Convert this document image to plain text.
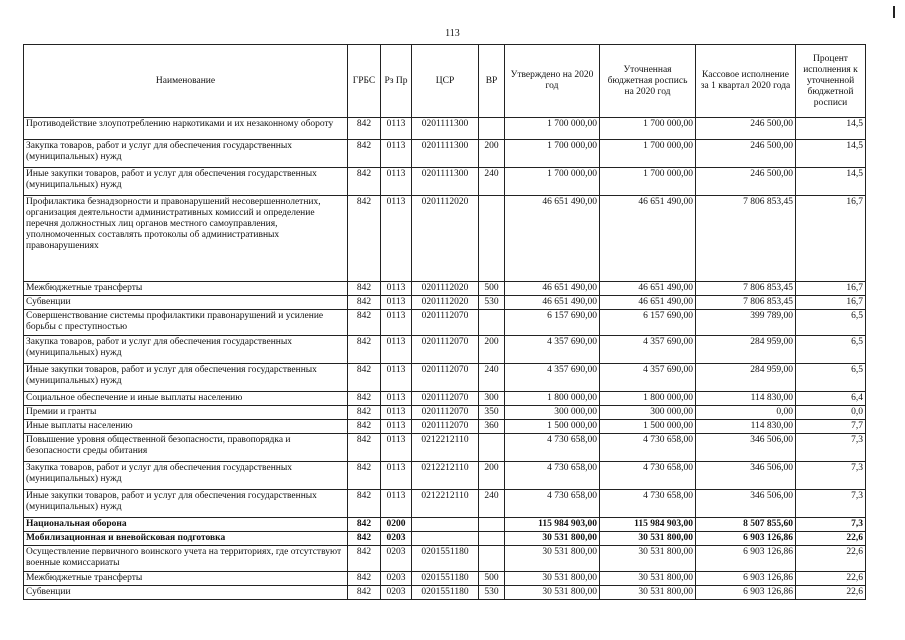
113
Наименование	ГРБС	Рз Пр	ЦСР	ВР	Утверждено на 2020 год	Уточненная бюджетная роспись на 2020 год	Кассовое исполнение за 1 квартал 2020 года	Процент исполнения к уточненной бюджетной росписи
Противодействие злоупотреблению наркотиками и их незаконному обороту	842	0113	0201111300		1 700 000,00	1 700 000,00	246 500,00	14,5
Закупка товаров, работ и услуг для обеспечения государственных (муниципальных) нужд	842	0113	0201111300	200	1 700 000,00	1 700 000,00	246 500,00	14,5
Иные закупки товаров, работ и услуг для обеспечения государственных (муниципальных) нужд	842	0113	0201111300	240	1 700 000,00	1 700 000,00	246 500,00	14,5
Профилактика безнадзорности и правонарушений несовершеннолетних, организация деятельности административных комиссий и определение перечня должностных лиц органов местного самоуправления, уполномоченных составлять протоколы об административных правонарушениях	842	0113	0201112020		46 651 490,00	46 651 490,00	7 806 853,45	16,7
Межбюджетные трансферты	842	0113	0201112020	500	46 651 490,00	46 651 490,00	7 806 853,45	16,7
Субвенции	842	0113	0201112020	530	46 651 490,00	46 651 490,00	7 806 853,45	16,7
Совершенствование системы профилактики правонарушений и усиление борьбы с преступностью	842	0113	0201112070		6 157 690,00	6 157 690,00	399 789,00	6,5
Закупка товаров, работ и услуг для обеспечения государственных (муниципальных) нужд	842	0113	0201112070	200	4 357 690,00	4 357 690,00	284 959,00	6,5
Иные закупки товаров, работ и услуг для обеспечения государственных (муниципальных) нужд	842	0113	0201112070	240	4 357 690,00	4 357 690,00	284 959,00	6,5
Социальное обеспечение и иные выплаты населению	842	0113	0201112070	300	1 800 000,00	1 800 000,00	114 830,00	6,4
Премии и гранты	842	0113	0201112070	350	300 000,00	300 000,00	0,00	0,0
Иные выплаты населению	842	0113	0201112070	360	1 500 000,00	1 500 000,00	114 830,00	7,7
Повышение уровня общественной безопасности, правопорядка и безопасности среды обитания	842	0113	0212212110		4 730 658,00	4 730 658,00	346 506,00	7,3
Закупка товаров, работ и услуг для обеспечения государственных (муниципальных) нужд	842	0113	0212212110	200	4 730 658,00	4 730 658,00	346 506,00	7,3
Иные закупки товаров, работ и услуг для обеспечения государственных (муниципальных) нужд	842	0113	0212212110	240	4 730 658,00	4 730 658,00	346 506,00	7,3
Национальная оборона	842	0200			115 984 903,00	115 984 903,00	8 507 855,60	7,3
Мобилизационная и вневойсковая подготовка	842	0203			30 531 800,00	30 531 800,00	6 903 126,86	22,6
Осуществление первичного воинского учета на территориях, где отсутствуют военные комиссариаты	842	0203	0201551180		30 531 800,00	30 531 800,00	6 903 126,86	22,6
Межбюджетные трансферты	842	0203	0201551180	500	30 531 800,00	30 531 800,00	6 903 126,86	22,6
Субвенции	842	0203	0201551180	530	30 531 800,00	30 531 800,00	6 903 126,86	22,6
